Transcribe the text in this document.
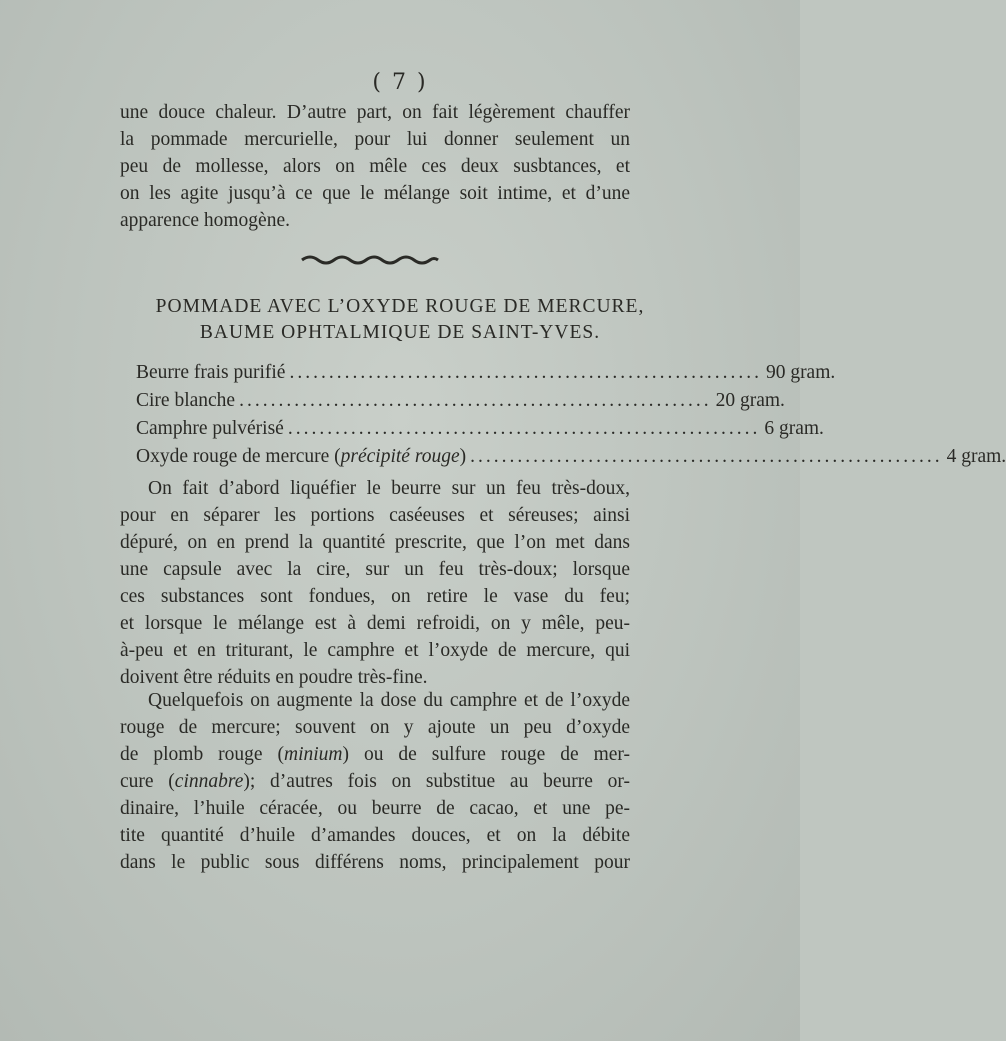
( 7 )
une douce chaleur. D’autre part, on fait légèrement chauffer
la pommade mercurielle, pour lui donner seulement un
peu de mollesse, alors on mêle ces deux susbtances, et
on les agite jusqu’à ce que le mélange soit intime, et d’une
apparence homogène.
POMMADE AVEC L’OXYDE ROUGE DE MERCURE,
BAUME OPHTALMIQUE DE SAINT-YVES.
Beurre frais purifié ............................................................ 90 gram.
Cire blanche ............................................................ 20 gram.
Camphre pulvérisé ............................................................ 6 gram.
Oxyde rouge de mercure (précipité rouge) ............................................................ 4 gram.
On fait d’abord liquéfier le beurre sur un feu très-doux,
pour en séparer les portions caséeuses et séreuses; ainsi
dépuré, on en prend la quantité prescrite, que l’on met dans
une capsule avec la cire, sur un feu très-doux; lorsque
ces substances sont fondues, on retire le vase du feu;
et lorsque le mélange est à demi refroidi, on y mêle, peu-
à-peu et en triturant, le camphre et l’oxyde de mercure, qui
doivent être réduits en poudre très-fine.
Quelquefois on augmente la dose du camphre et de l’oxyde
rouge de mercure; souvent on y ajoute un peu d’oxyde
de plomb rouge (minium) ou de sulfure rouge de mer-
cure (cinnabre); d’autres fois on substitue au beurre or-
dinaire, l’huile céracée, ou beurre de cacao, et une pe-
tite quantité d’huile d’amandes douces, et on la débite
dans le public sous différens noms, principalement pour
